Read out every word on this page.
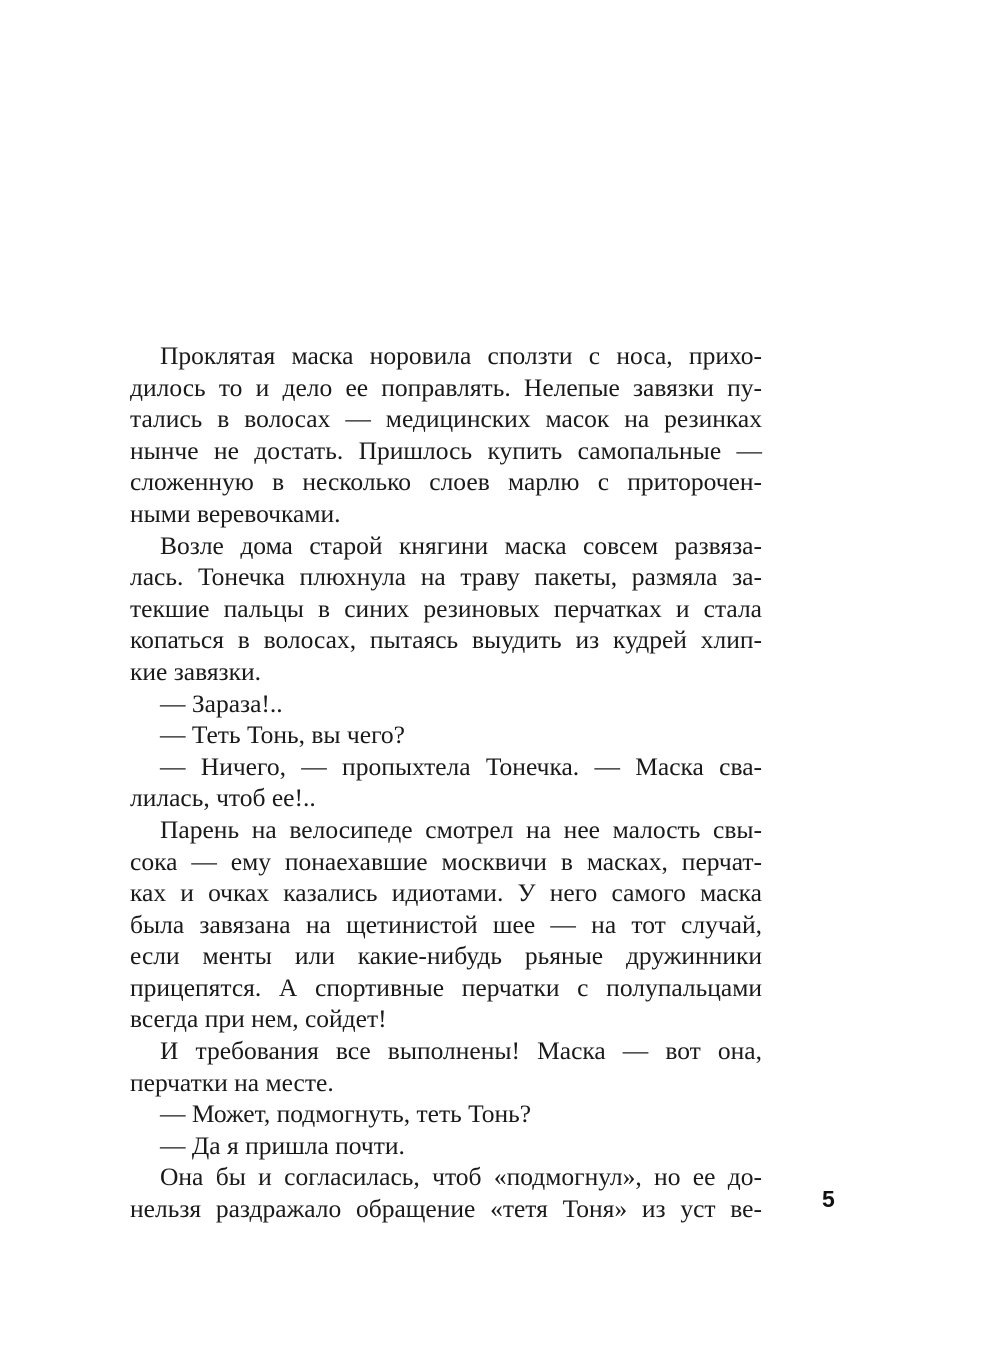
Проклятая маска норовила сползти с носа, прихо-
дилось то и дело ее поправлять. Нелепые завязки пу-
тались в волосах — медицинских масок на резинках
нынче не достать. Пришлось купить самопальные —
сложенную в несколько слоев марлю с приторочен-
ными веревочками.
Возле дома старой княгини маска совсем развяза-
лась. Тонечка плюхнула на траву пакеты, размяла за-
текшие пальцы в синих резиновых перчатках и стала
копаться в волосах, пытаясь выудить из кудрей хлип-
кие завязки.
— Зараза!..
— Теть Тонь, вы чего?
— Ничего, — пропыхтела Тонечка. — Маска сва-
лилась, чтоб ее!..
Парень на велосипеде смотрел на нее малость свы-
сока — ему понаехавшие москвичи в масках, перчат-
ках и очках казались идиотами. У него самого маска
была завязана на щетинистой шее — на тот случай,
если менты или какие-нибудь рьяные дружинники
прицепятся. А спортивные перчатки с полупальцами
всегда при нем, сойдет!
И требования все выполнены! Маска — вот она,
перчатки на месте.
— Может, подмогнуть, теть Тонь?
— Да я пришла почти.
Она бы и согласилась, чтоб «подмогнул», но ее до-
нельзя раздражало обращение «тетя Тоня» из уст ве-	5
